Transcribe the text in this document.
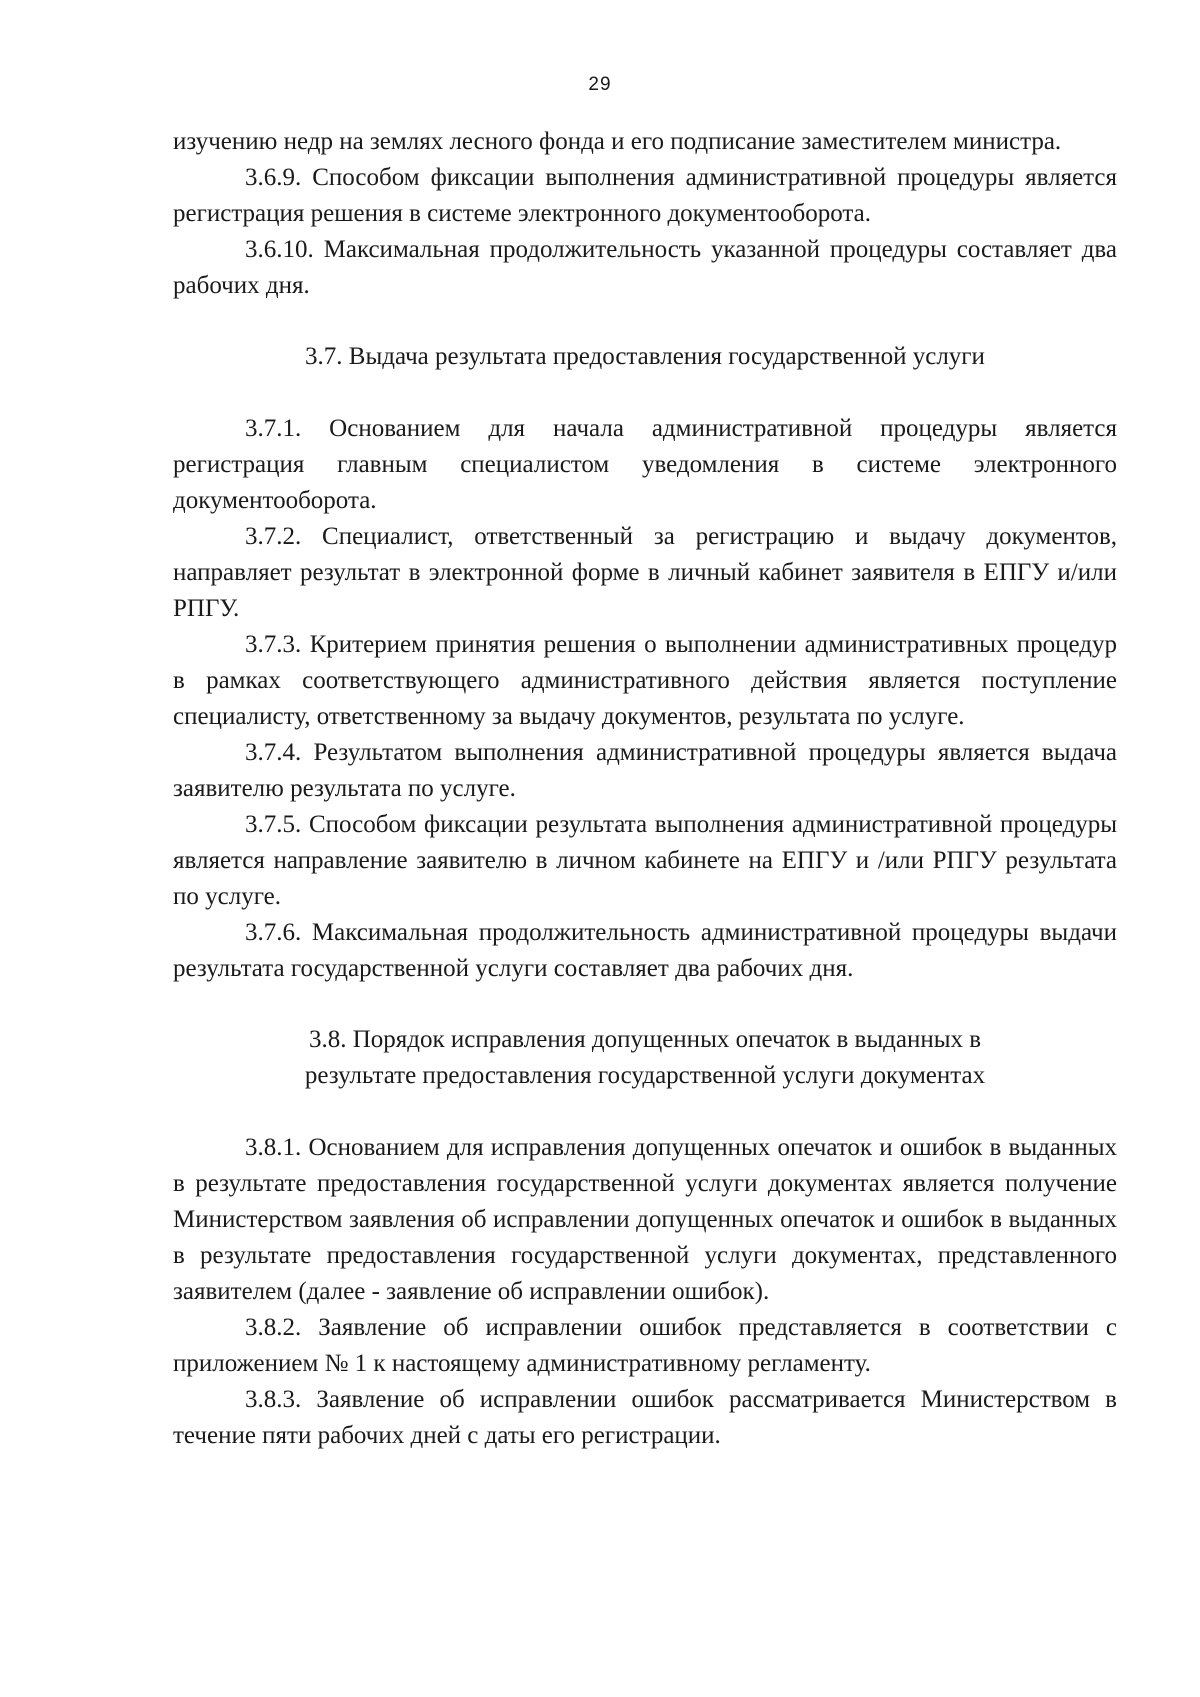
29

изучению недр на землях лесного фонда и его подписание заместителем министра.

3.6.9. Способом фиксации выполнения административной процедуры является регистрация решения в системе электронного документооборота.

3.6.10. Максимальная продолжительность указанной процедуры составляет два рабочих дня.

3.7. Выдача результата предоставления государственной услуги

3.7.1. Основанием для начала административной процедуры является регистрация главным специалистом уведомления в системе электронного документооборота.

3.7.2. Специалист, ответственный за регистрацию и выдачу документов, направляет результат в электронной форме в личный кабинет заявителя в ЕПГУ и/или РПГУ.

3.7.3. Критерием принятия решения о выполнении административных процедур в рамках соответствующего административного действия является поступление специалисту, ответственному за выдачу документов, результата по услуге.

3.7.4. Результатом выполнения административной процедуры является выдача заявителю результата по услуге.

3.7.5. Способом фиксации результата выполнения административной процедуры является направление заявителю в личном кабинете на ЕПГУ и /или РПГУ результата по услуге.

3.7.6. Максимальная продолжительность административной процедуры выдачи результата государственной услуги составляет два рабочих дня.

3.8. Порядок исправления допущенных опечаток в выданных в
результате предоставления государственной услуги документах

3.8.1. Основанием для исправления допущенных опечаток и ошибок в выданных в результате предоставления государственной услуги документах является получение Министерством заявления об исправлении допущенных опечаток и ошибок в выданных в результате предоставления государственной услуги документах, представленного заявителем (далее - заявление об исправлении ошибок).

3.8.2. Заявление об исправлении ошибок представляется в соответствии с приложением № 1 к настоящему административному регламенту.

3.8.3. Заявление об исправлении ошибок рассматривается Министерством в течение пяти рабочих дней с даты его регистрации.
